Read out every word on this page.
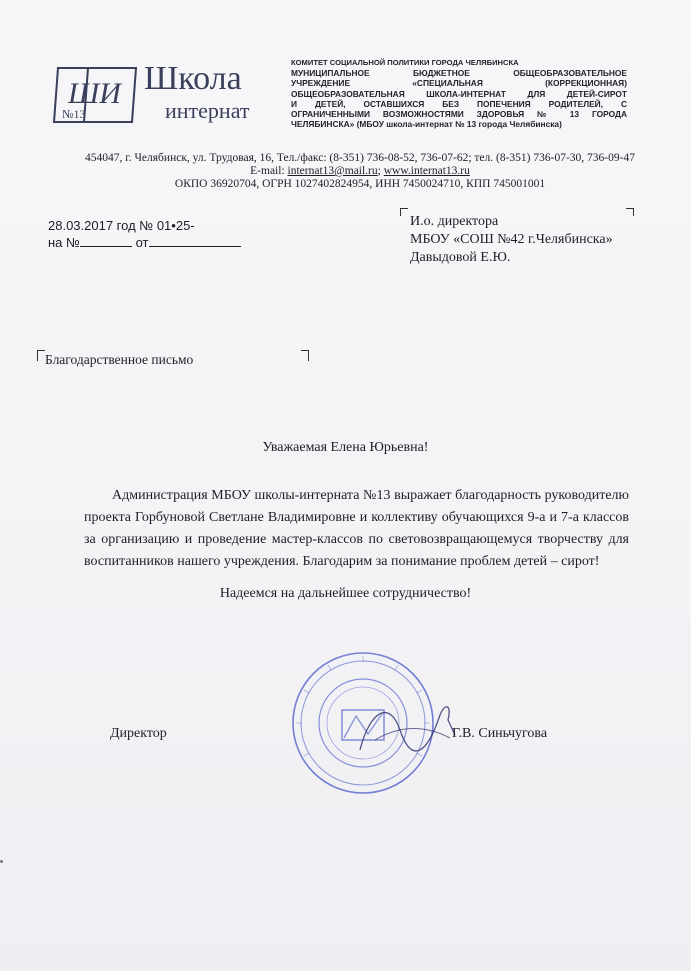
ШИ
№13
Школа
интернат
КОМИТЕТ СОЦИАЛЬНОЙ ПОЛИТИКИ ГОРОДА ЧЕЛЯБИНСКА
МУНИЦИПАЛЬНОЕ БЮДЖЕТНОЕ ОБЩЕОБРАЗОВАТЕЛЬНОЕ
УЧРЕЖДЕНИЕ «СПЕЦИАЛЬНАЯ (КОРРЕКЦИОННАЯ)
ОБЩЕОБРАЗОВАТЕЛЬНАЯ ШКОЛА-ИНТЕРНАТ ДЛЯ ДЕТЕЙ-СИРОТ
И ДЕТЕЙ, ОСТАВШИХСЯ БЕЗ ПОПЕЧЕНИЯ РОДИТЕЛЕЙ, С
ОГРАНИЧЕННЫМИ ВОЗМОЖНОСТЯМИ ЗДОРОВЬЯ № 13 ГОРОДА
ЧЕЛЯБИНСКА» (МБОУ школа-интернат № 13 города Челябинска)
454047, г. Челябинск, ул. Трудовая, 16, Тел./факс: (8-351) 736-08-52, 736-07-62; тел. (8-351) 736-07-30, 736-09-47
E-mail: internat13@mail.ru; www.internat13.ru
ОКПО 36920704, ОГРН 1027402824954, ИНН 7450024710, КПП 745001001
28.03.2017 год № 01•25-
на №	от
И.о. директора
МБОУ «СОШ №42 г.Челябинска»
Давыдовой Е.Ю.
Благодарственное письмо
Уважаемая Елена Юрьевна!
Администрация МБОУ школы-интерната №13 выражает благодарность руководителю проекта Горбуновой Светлане Владимировне и коллективу обучающихся 9-а и 7-а классов за организацию и проведение мастер-классов по световозвращающемуся творчеству для воспитанников нашего учреждения. Благодарим за понимание проблем детей – сирот!
Надеемся на дальнейшее сотрудничество!
Директор	Г.В. Синьчугова
